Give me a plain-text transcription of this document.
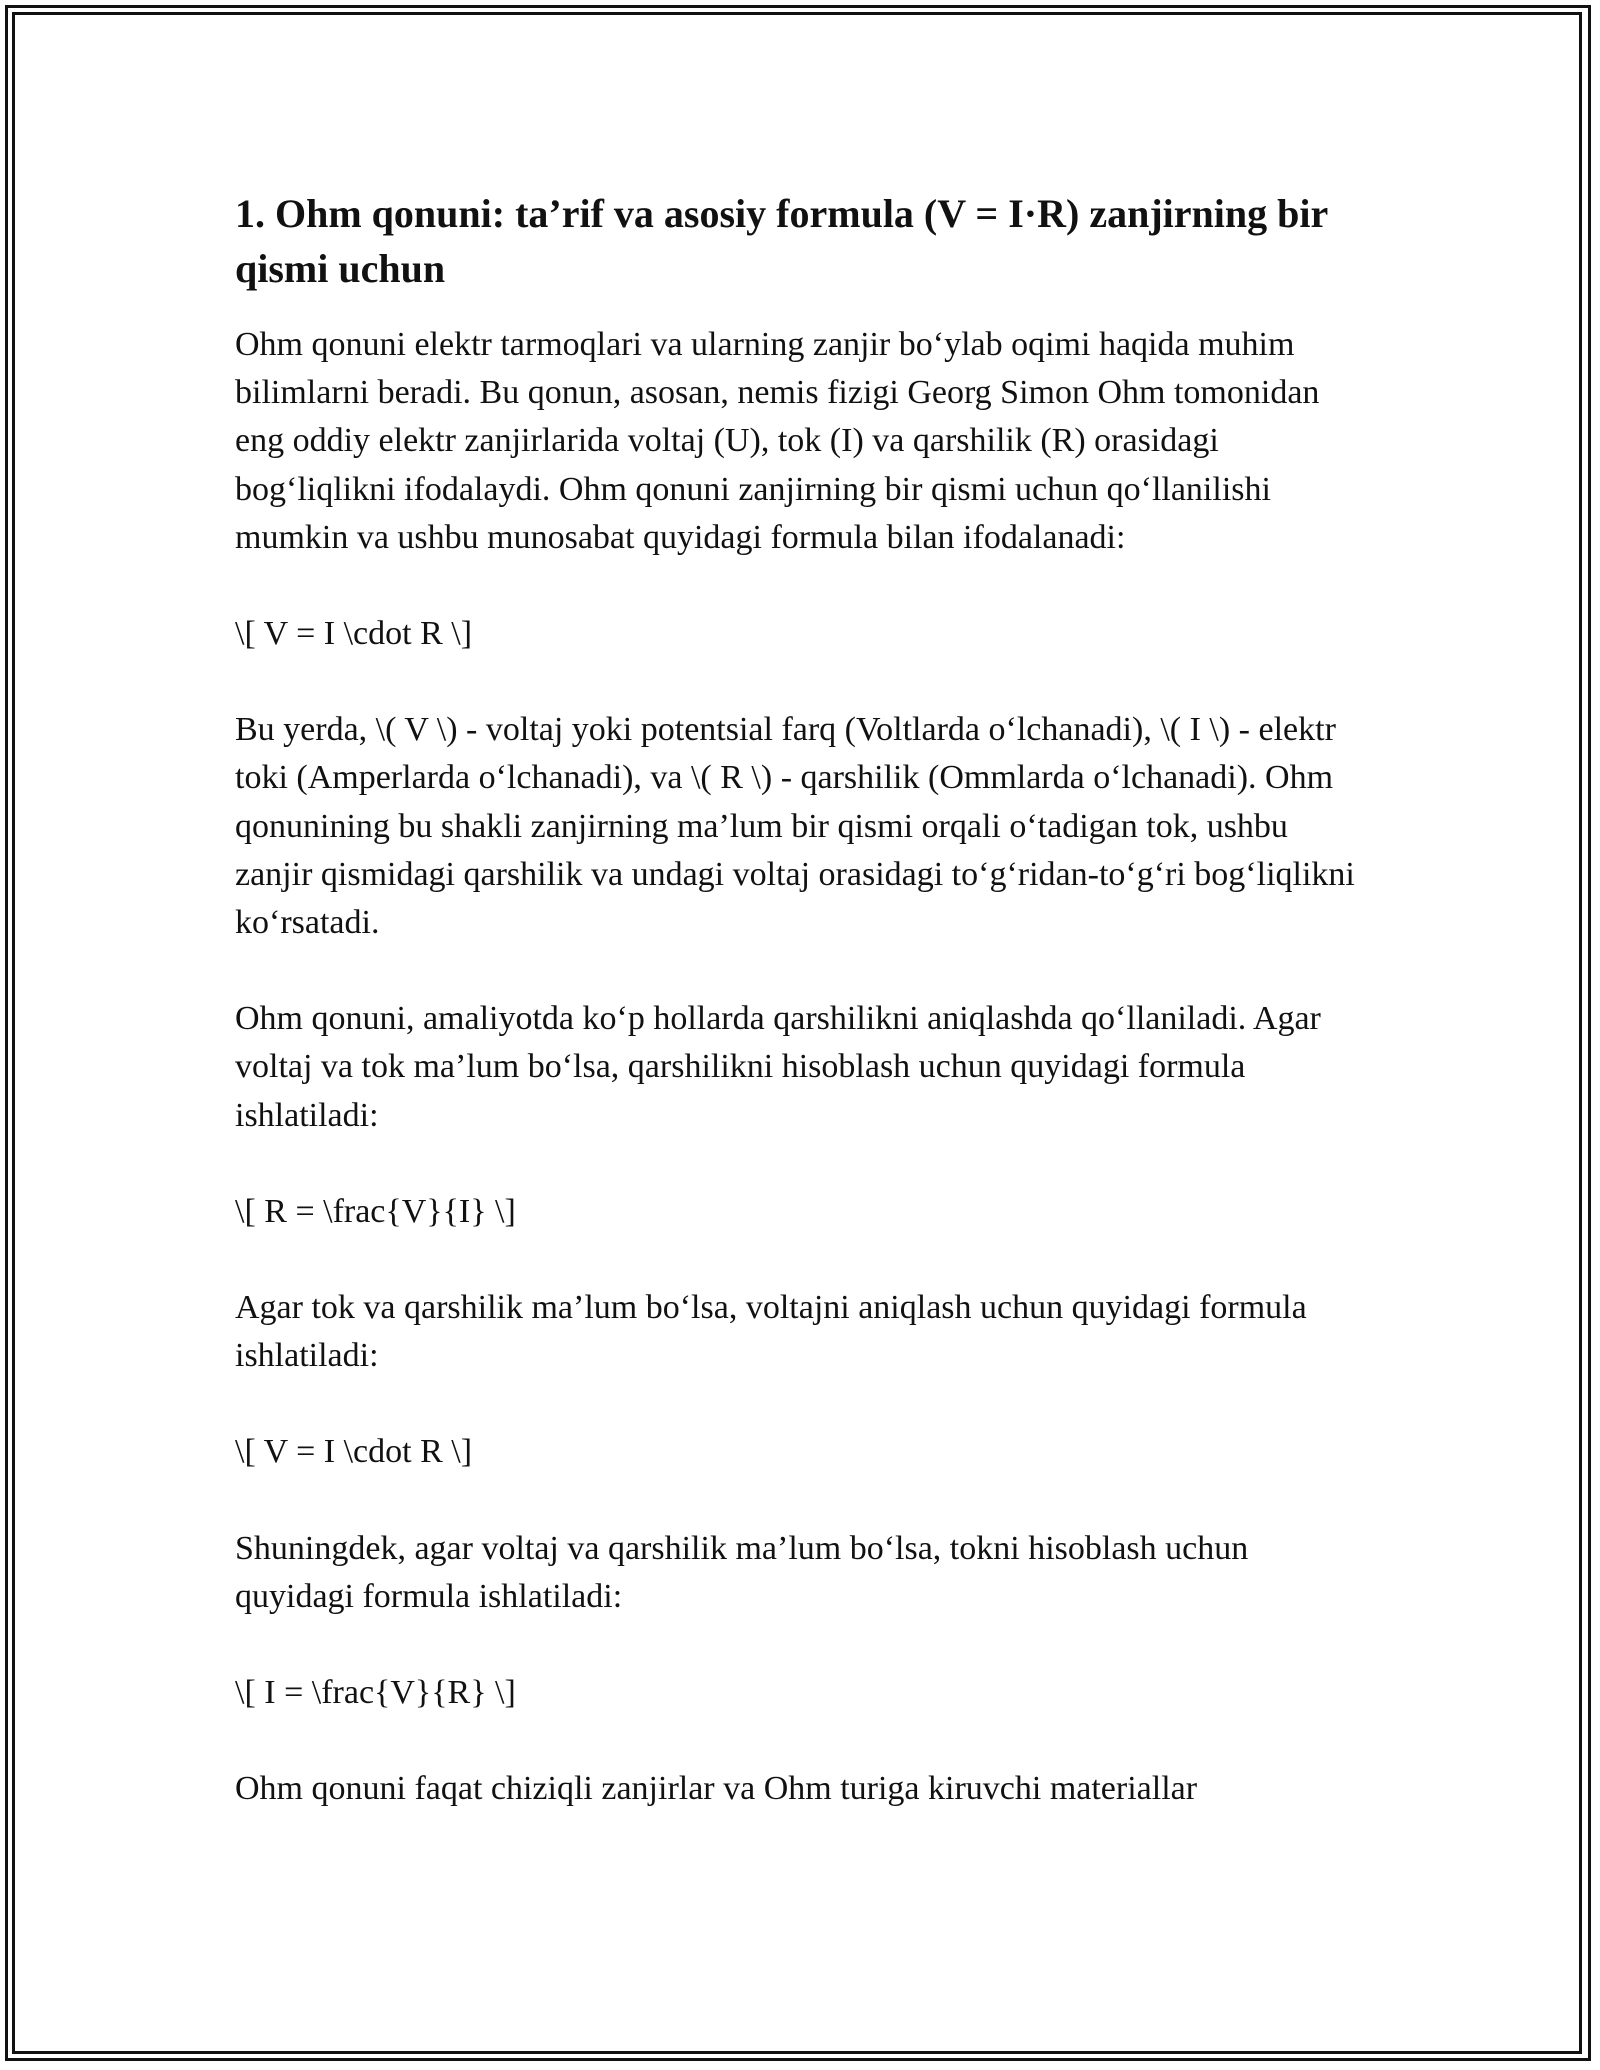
1. Ohm qonuni: ta’rif va asosiy formula (V = I·R) zanjirning bir qismi uchun

Ohm qonuni elektr tarmoqlari va ularning zanjir bo‘ylab oqimi haqida muhim bilimlarni beradi. Bu qonun, asosan, nemis fizigi Georg Simon Ohm tomonidan eng oddiy elektr zanjirlarida voltaj (U), tok (I) va qarshilik (R) orasidagi bog‘liqlikni ifodalaydi. Ohm qonuni zanjirning bir qismi uchun qo‘llanilishi mumkin va ushbu munosabat quyidagi formula bilan ifodalanadi:

\[ V = I \cdot R \]

Bu yerda, \( V \) - voltaj yoki potentsial farq (Voltlarda o‘lchanadi), \( I \) - elektr toki (Amperlarda o‘lchanadi), va \( R \) - qarshilik (Ommlarda o‘lchanadi). Ohm qonunining bu shakli zanjirning ma’lum bir qismi orqali o‘tadigan tok, ushbu zanjir qismidagi qarshilik va undagi voltaj orasidagi to‘g‘ridan-to‘g‘ri bog‘liqlikni ko‘rsatadi.

Ohm qonuni, amaliyotda ko‘p hollarda qarshilikni aniqlashda qo‘llaniladi. Agar voltaj va tok ma’lum bo‘lsa, qarshilikni hisoblash uchun quyidagi formula ishlatiladi:

\[ R = \frac{V}{I} \]

Agar tok va qarshilik ma’lum bo‘lsa, voltajni aniqlash uchun quyidagi formula ishlatiladi:

\[ V = I \cdot R \]

Shuningdek, agar voltaj va qarshilik ma’lum bo‘lsa, tokni hisoblash uchun quyidagi formula ishlatiladi:

\[ I = \frac{V}{R} \]

Ohm qonuni faqat chiziqli zanjirlar va Ohm turiga kiruvchi materiallar
